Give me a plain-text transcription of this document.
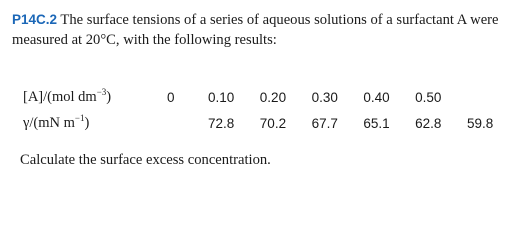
P14C.2 The surface tensions of a series of aqueous solutions of a surfactant A were measured at 20°C, with the following results:
[A]/(mol $dm^{-3}$)	0	0.10	0.20	0.30	0.40	0.50	
γ/(mN $m^{-1}$)		72.8	70.2	67.7	65.1	62.8	59.8
Calculate the surface excess concentration.
